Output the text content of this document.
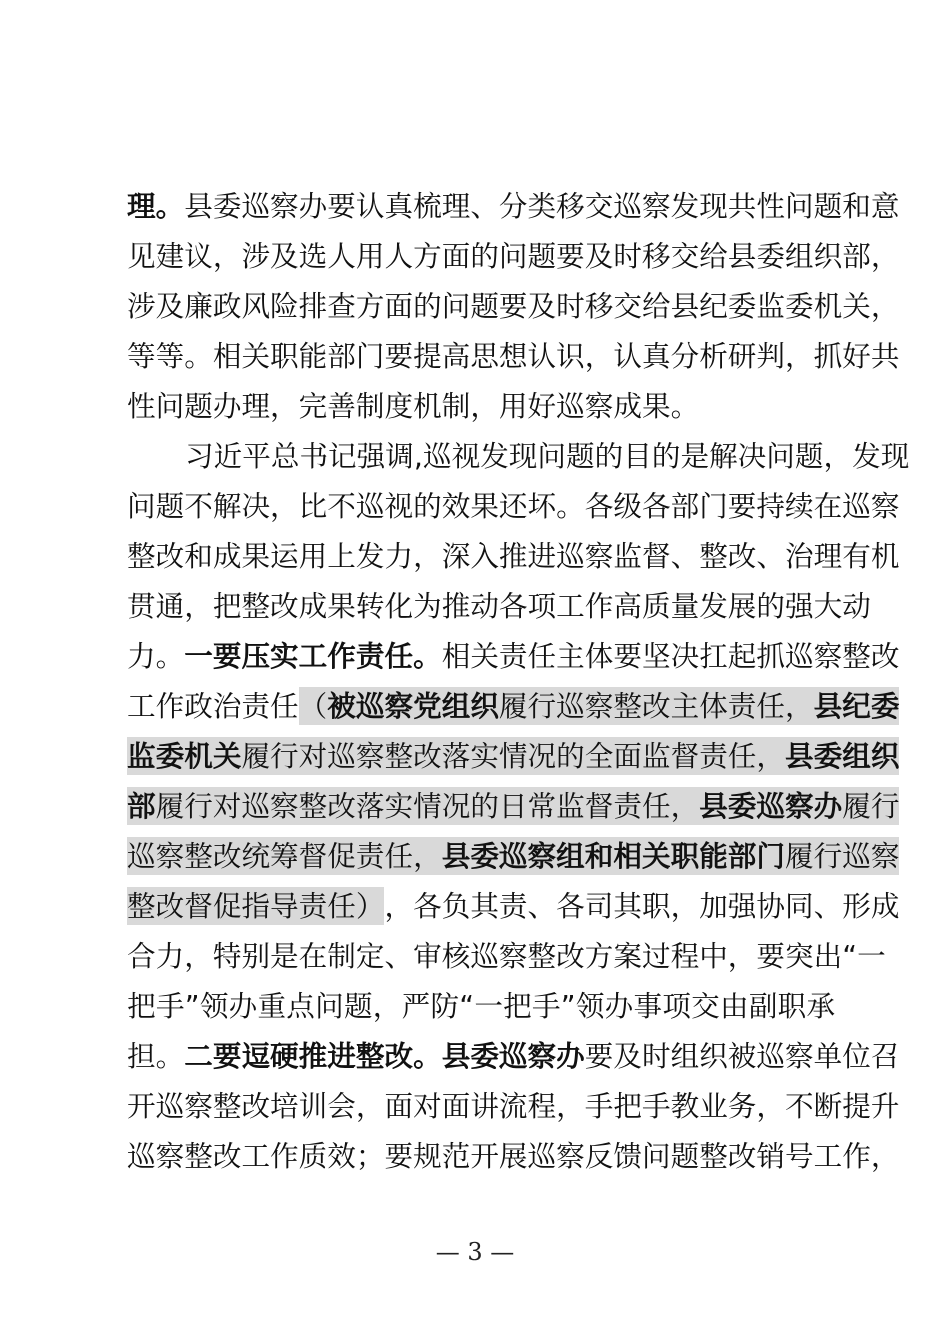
理 。 县 委 巡 察 办 要 认 真 梳 理 、 分 类 移 交 巡 察 发 现 共 性 问 题 和 意
见 建 议 ， 涉 及 选 人 用 人 方 面 的 问 题 要 及 时 移 交 给 县 委 组 织 部 ，
涉 及 廉 政 风 险 排 查 方 面 的 问 题 要 及 时 移 交 给 县 纪 委 监 委 机 关 ，
等 等 。 相 关 职 能 部 门 要 提 高 思 想 认 识 ， 认 真 分 析 研 判 ， 抓 好 共
性 问 题 办 理 ， 完 善 制 度 机 制 ， 用 好 巡 察 成 果 。
习 近 平 总 书 记 强 调 , 巡 视 发 现 问 题 的 目 的 是 解 决 问 题 ， 发 现
问 题 不 解 决 ， 比 不 巡 视 的 效 果 还 坏 。 各 级 各 部 门 要 持 续 在 巡 察
整 改 和 成 果 运 用 上 发 力 ， 深 入 推 进 巡 察 监 督 、 整 改 、 治 理 有 机
贯 通 ， 把 整 改 成 果 转 化 为 推 动 各 项 工 作 高 质 量 发 展 的 强 大 动
力 。 一 要 压 实 工 作 责 任 。 相 关 责 任 主 体 要 坚 决 扛 起 抓 巡 察 整 改
工 作 政 治 责 任 （ 被 巡 察 党 组 织 履 行 巡 察 整 改 主 体 责 任 ， 县 纪 委
监 委 机 关 履 行 对 巡 察 整 改 落 实 情 况 的 全 面 监 督 责 任 ， 县 委 组 织
部 履 行 对 巡 察 整 改 落 实 情 况 的 日 常 监 督 责 任 ， 县 委 巡 察 办 履 行
巡 察 整 改 统 筹 督 促 责 任 ， 县 委 巡 察 组 和 相 关 职 能 部 门 履 行 巡 察
整 改 督 促 指 导 责 任 ） ， 各 负 其 责 、 各 司 其 职 ， 加 强 协 同 、 形 成
合 力 ， 特 别 是 在 制 定 、 审 核 巡 察 整 改 方 案 过 程 中 ， 要 突 出 “ 一
把 手 ” 领 办 重 点 问 题 ， 严 防 “ 一 把 手 ” 领 办 事 项 交 由 副 职 承
担 。 二 要 逗 硬 推 进 整 改 。 县 委 巡 察 办 要 及 时 组 织 被 巡 察 单 位 召
开 巡 察 整 改 培 训 会 ， 面 对 面 讲 流 程 ， 手 把 手 教 业 务 ， 不 断 提 升
巡 察 整 改 工 作 质 效 ； 要 规 范 开 展 巡 察 反 馈 问 题 整 改 销 号 工 作 ，
— 3 —
